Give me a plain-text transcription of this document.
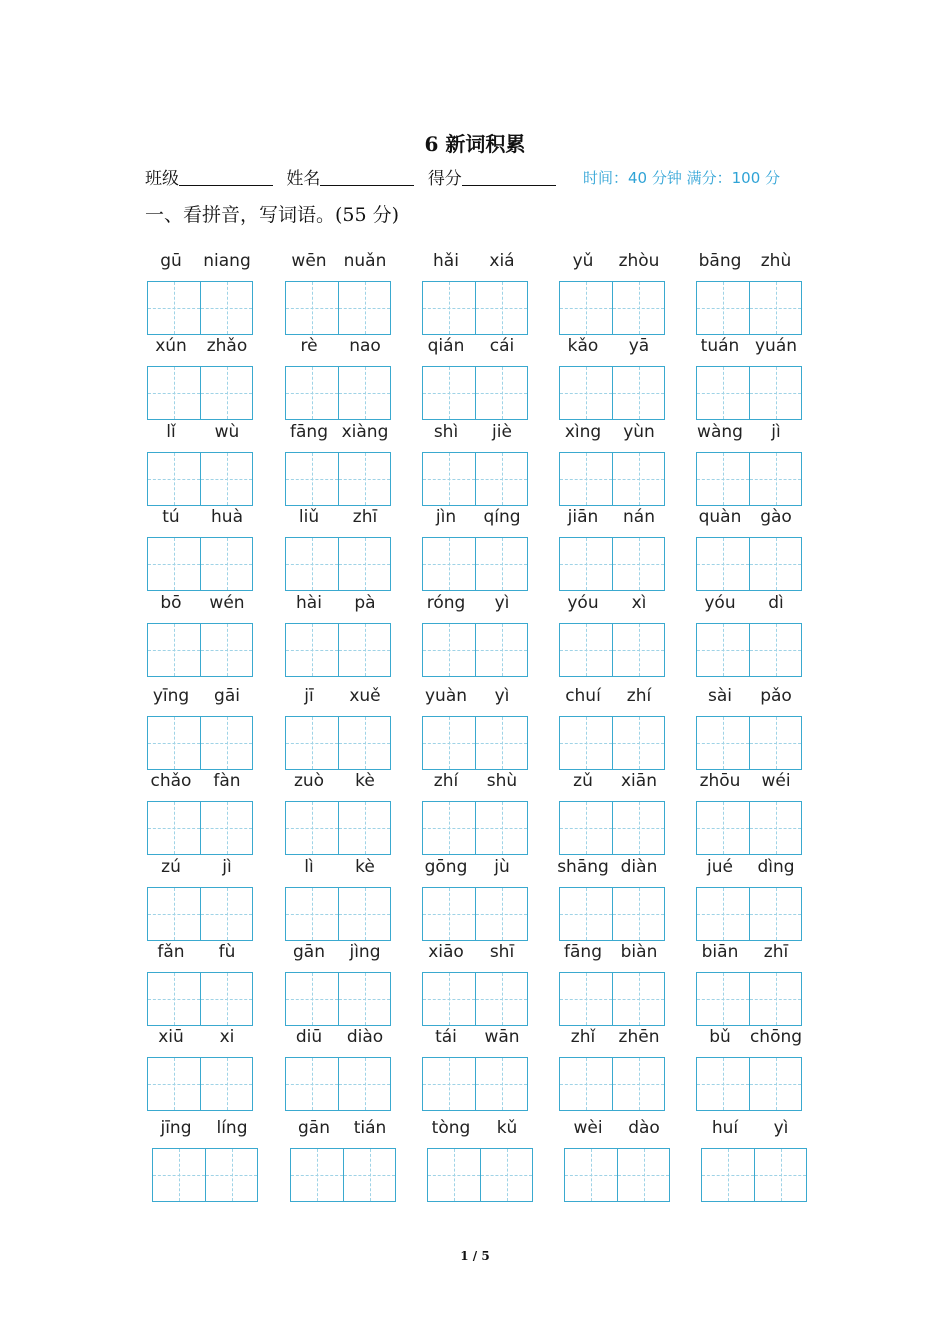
6 新词积累
班级	姓名	得分	时间：40 分钟 满分：100 分
一、看拼音，写词语。(55 分)
gū	niang	wēn	nuǎn	hǎi	xiá	yǔ	zhòu	bāng	zhù
xún	zhǎo	rè	nao	qián	cái	kǎo	yā	tuán yuán
lǐ	wù	fāng xiàng	shì	jiè	xìng	yùn	wàng	jì
tú	huà	liǔ	zhī	jìn	qíng	jiān	nán	quàn	gào
bō	wén	hài	pà	róng	yì	yóu	xì	yóu	dì
yīng	gāi	jī	xuě	yuàn	yì	chuí	zhí	sài	pǎo
chǎo	fàn	zuò	kè	zhí	shù	zǔ	xiān	zhōu	wéi
zú	jì	lì	kè	gōng	jù	shāng diàn	jué	dìng
fǎn	fù	gān	jìng	xiāo	shī	fāng	biàn	biān	zhī
xiū	xi	diū	diào	tái	wān	zhǐ	zhēn	bǔ	chōng
jīng	líng	gān	tián	tòng	kǔ	wèi	dào	huí	yì
1 / 5
